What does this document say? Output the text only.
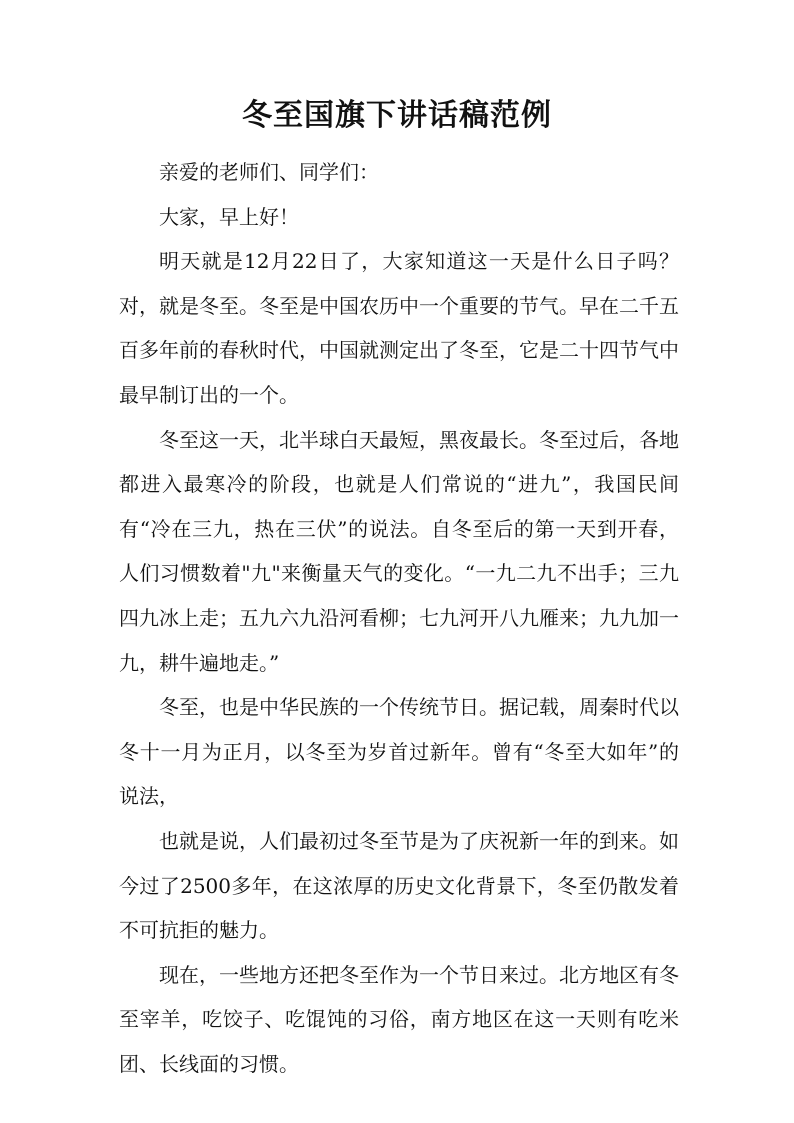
冬至国旗下讲话稿范例

亲爱的老师们、同学们：

大家，早上好！

明天就是12月22日了，大家知道这一天是什么日子吗？对，就是冬至。冬至是中国农历中一个重要的节气。早在二千五百多年前的春秋时代，中国就测定出了冬至，它是二十四节气中最早制订出的一个。

冬至这一天，北半球白天最短，黑夜最长。冬至过后，各地都进入最寒冷的阶段，也就是人们常说的“进九”，我国民间有“冷在三九，热在三伏”的说法。自冬至后的第一天到开春，人们习惯数着"九"来衡量天气的变化。“一九二九不出手；三九四九冰上走；五九六九沿河看柳；七九河开八九雁来；九九加一九，耕牛遍地走。”

冬至，也是中华民族的一个传统节日。据记载，周秦时代以冬十一月为正月，以冬至为岁首过新年。曾有“冬至大如年”的说法，

也就是说，人们最初过冬至节是为了庆祝新一年的到来。如今过了2500多年，在这浓厚的历史文化背景下，冬至仍散发着不可抗拒的魅力。

现在，一些地方还把冬至作为一个节日来过。北方地区有冬至宰羊，吃饺子、吃馄饨的习俗，南方地区在这一天则有吃米团、长线面的习惯。
